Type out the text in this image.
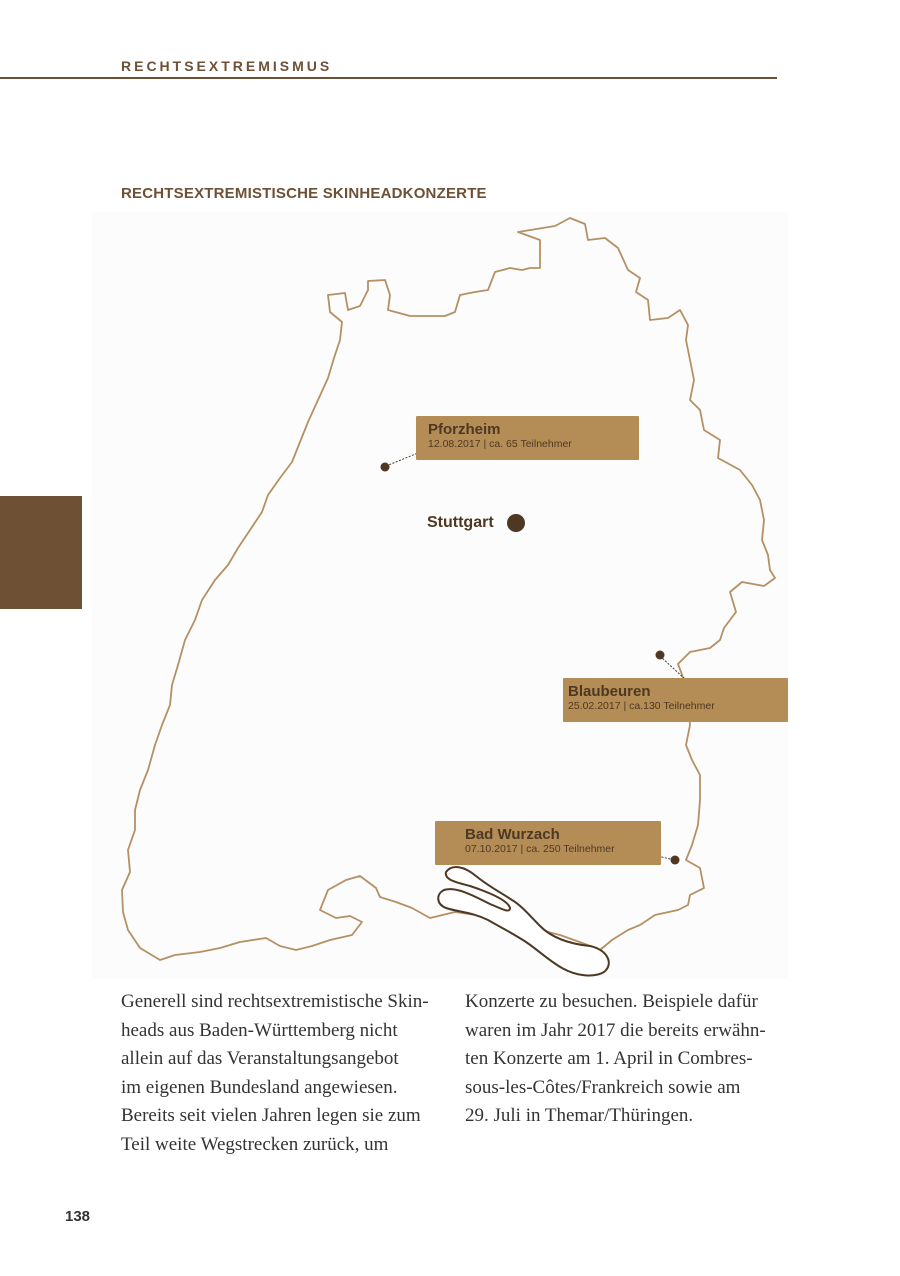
RECHTSEXTREMISMUS
RECHTSEXTREMISTISCHE SKINHEADKONZERTE
Pforzheim
12.08.2017 | ca. 65 Teilnehmer
Blaubeuren
25.02.2017 | ca.130 Teilnehmer
Bad Wurzach
07.10.2017 | ca. 250 Teilnehmer
Stuttgart
Generell sind rechtsextremistische Skin-
heads aus Baden-Württemberg nicht
allein auf das Veranstaltungsangebot
im eigenen Bundesland angewiesen.
Bereits seit vielen Jahren legen sie zum
Teil weite Wegstrecken zurück, um
Konzerte zu besuchen. Beispiele dafür
waren im Jahr 2017 die bereits erwähn-
ten Konzerte am 1. April in Combres-
sous-les-Côtes/Frankreich sowie am
29. Juli in Themar/Thüringen.
138
